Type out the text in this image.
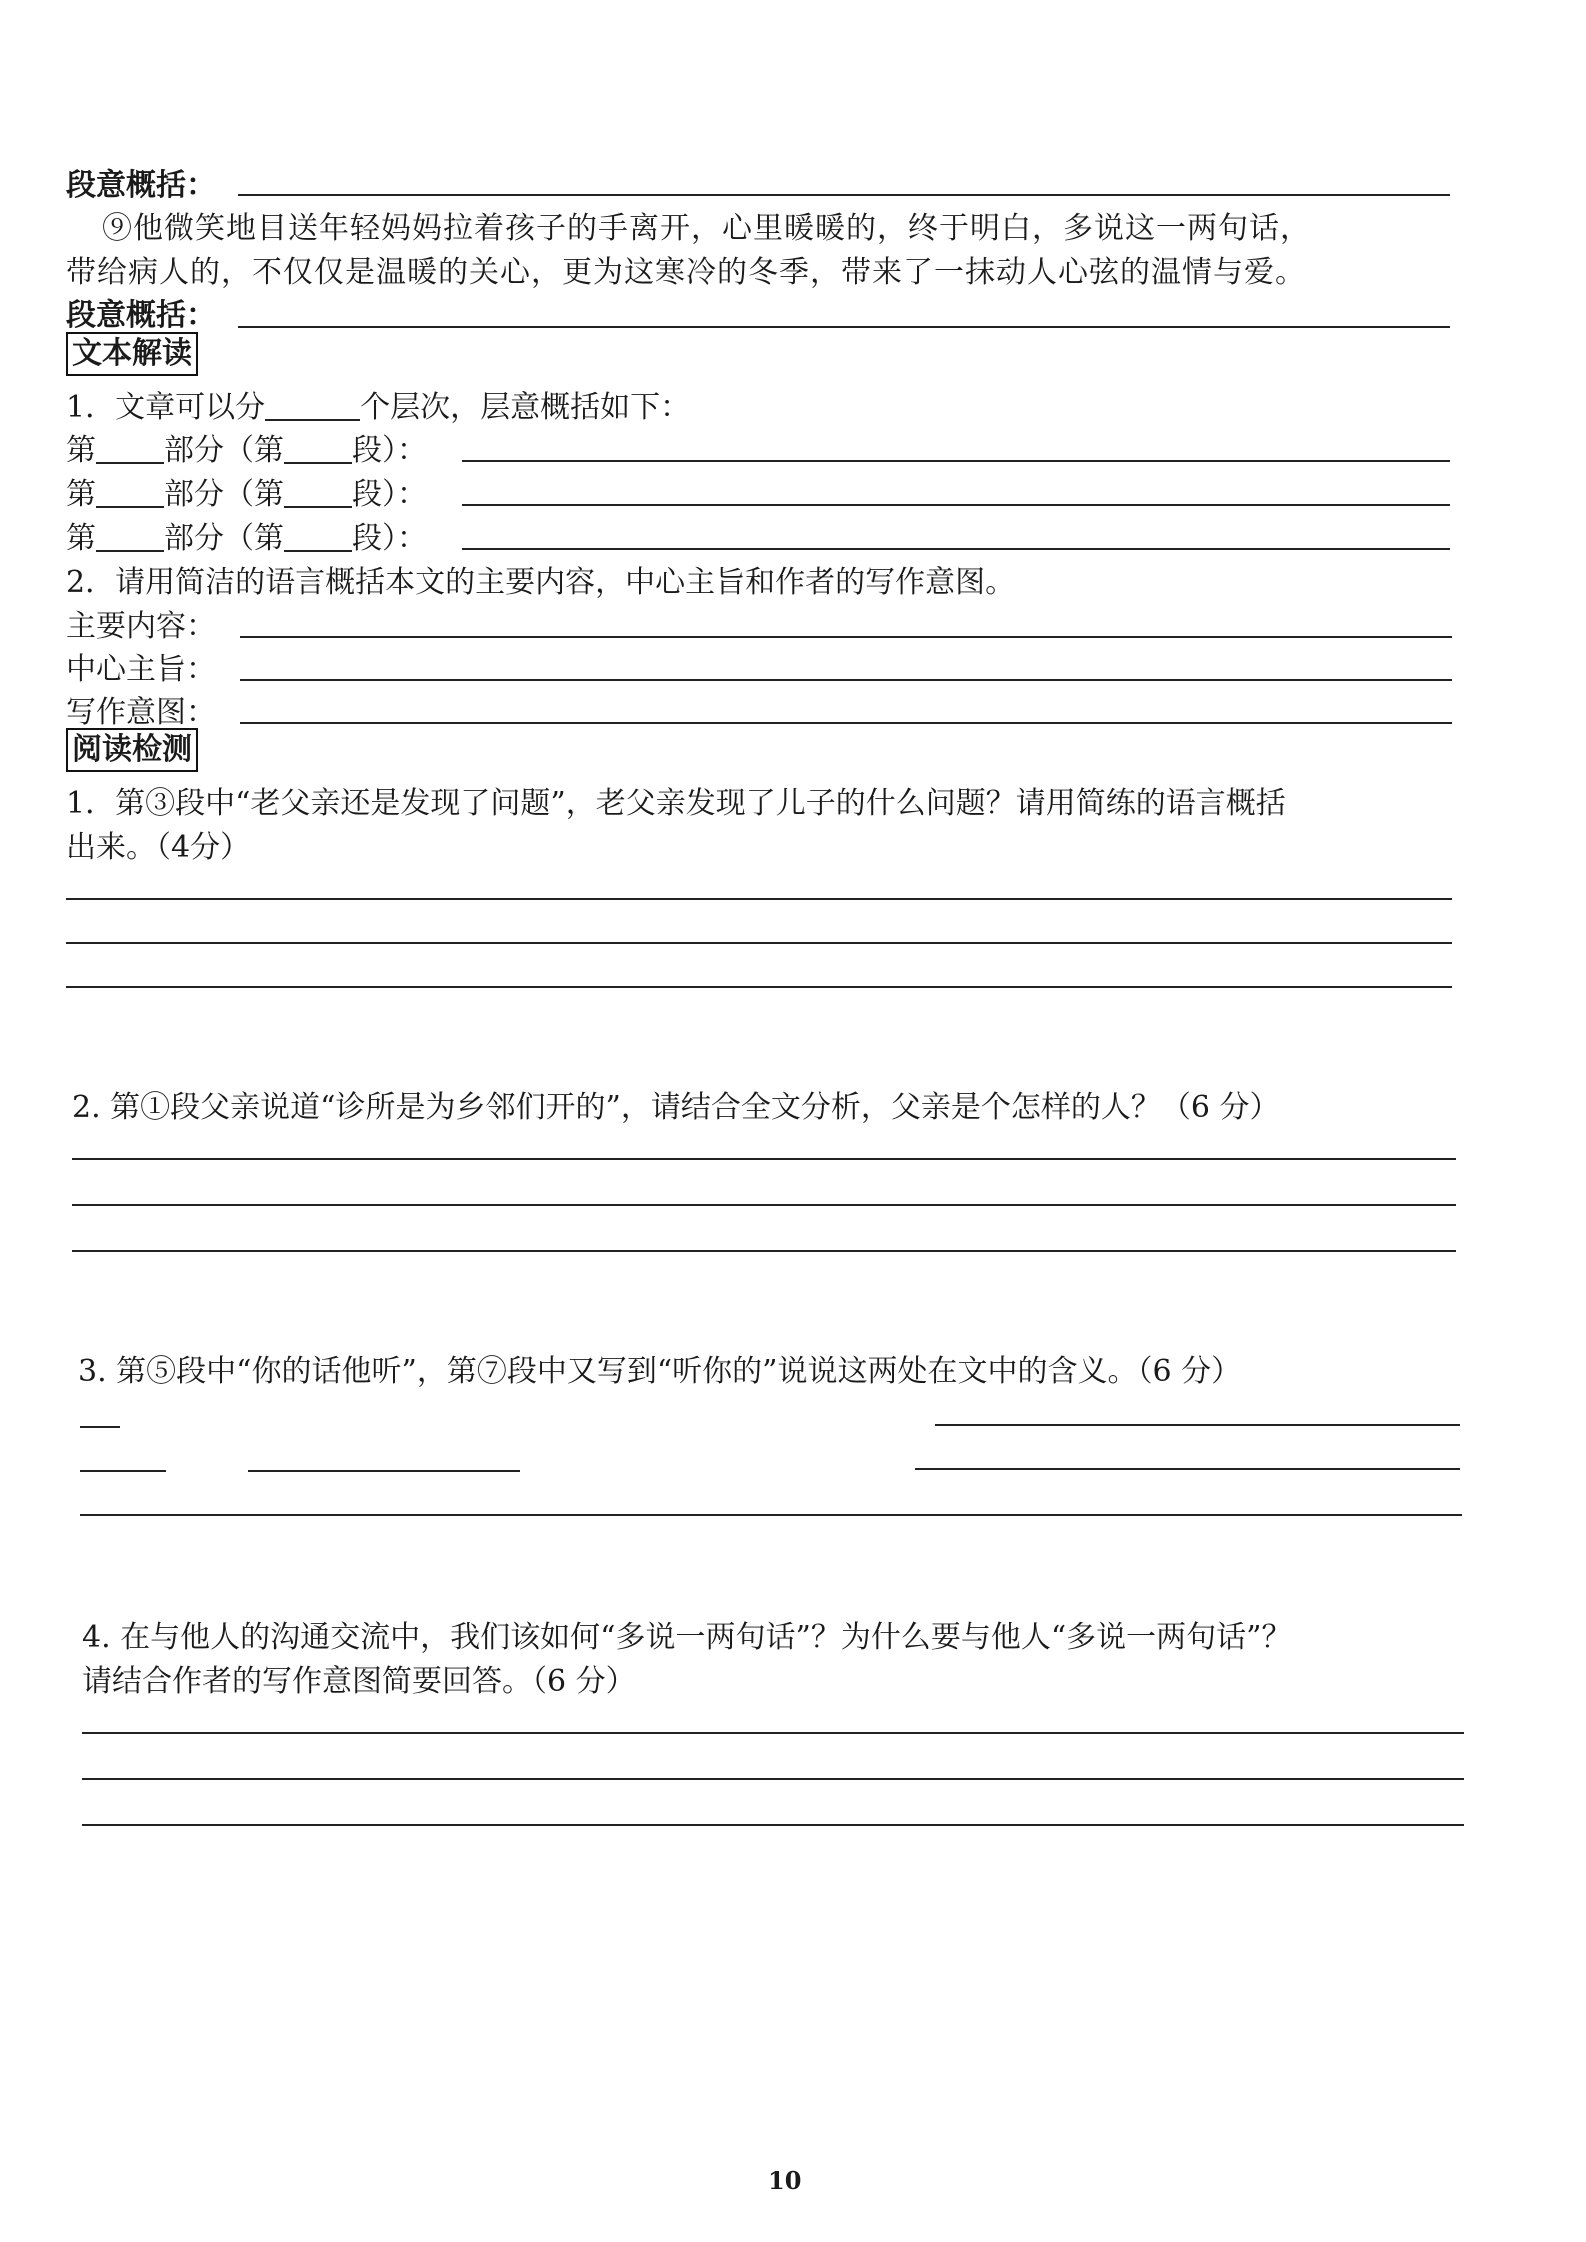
段意概括：
⑨他微笑地目送年轻妈妈拉着孩子的手离开，心里暖暖的，终于明白，多说这一两句话，
带给病人的，不仅仅是温暖的关心，更为这寒冷的冬季，带来了一抹动人心弦的温情与爱。
段意概括：
文本解读
1．文章可以分	个层次，层意概括如下：
第 部分（第 段）：
第 部分（第 段）：
第 部分（第 段）：
2．请用简洁的语言概括本文的主要内容，中心主旨和作者的写作意图。
主要内容：
中心主旨：
写作意图：
阅读检测
1．第③段中“老父亲还是发现了问题”，老父亲发现了儿子的什么问题？请用简练的语言概括
出来。（4分）
2. 第①段父亲说道“诊所是为乡邻们开的”，请结合全文分析，父亲是个怎样的人？（6 分）
3. 第⑤段中“你的话他听”，第⑦段中又写到“听你的”说说这两处在文中的含义。（6 分）
4. 在与他人的沟通交流中，我们该如何“多说一两句话”？为什么要与他人“多说一两句话”？
请结合作者的写作意图简要回答。（6 分）
10
